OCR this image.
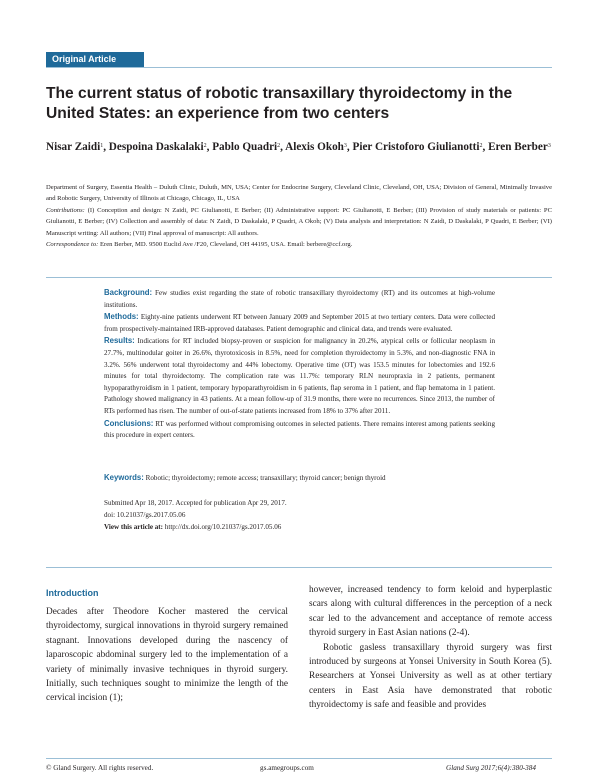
Original Article
The current status of robotic transaxillary thyroidectomy in the United States: an experience from two centers
Nisar Zaidi$^1$, Despoina Daskalaki$^2$, Pablo Quadri$^2$, Alexis Okoh$^3$, Pier Cristoforo Giulianotti$^2$, Eren Berber$^3$

Department of Surgery, Essentia Health – Duluth Clinic, Duluth, MN, USA; Center for Endocrine Surgery, Cleveland Clinic, Cleveland, OH, USA; Division of General, Minimally Invasive and Robotic Surgery, University of Illinois at Chicago, Chicago, IL, USA

Contributions: (I) Conception and design: N Zaidi, PC Giulianotti, E Berber; (II) Administrative support: PC Giulianotti, E Berber; (III) Provision of study materials or patients: PC Giulianotti, E Berber; (IV) Collection and assembly of data: N Zaidi, D Daskalaki, P Quadri, A Okoh; (V) Data analysis and interpretation: N Zaidi, D Daskalaki, P Quadri, E Berber; (VI) Manuscript writing: All authors; (VII) Final approval of manuscript: All authors.

Correspondence to: Eren Berber, MD. 9500 Euclid Ave /F20, Cleveland, OH 44195, USA. Email: berbere@ccf.org.

Background: Few studies exist regarding the state of robotic transaxillary thyroidectomy (RT) and its outcomes at high-volume institutions.

Methods: Eighty-nine patients underwent RT between January 2009 and September 2015 at two tertiary centers. Data were collected from prospectively-maintained IRB-approved databases. Patient demographic and clinical data, and trends were evaluated.

Results: Indications for RT included biopsy-proven or suspicion for malignancy in 20.2%, atypical cells or follicular neoplasm in 27.7%, multinodular goiter in 26.6%, thyrotoxicosis in 8.5%, need for completion thyroidectomy in 5.3%, and non-diagnostic FNA in 3.2%. 56% underwent total thyroidectomy and 44% lobectomy. Operative time (OT) was 153.5 minutes for lobectomies and 192.6 minutes for total thyroidectomy. The complication rate was 11.7%: temporary RLN neuropraxia in 2 patients, permanent hypoparathyroidism in 1 patient, temporary hypoparathyroidism in 6 patients, flap seroma in 1 patient, and flap hematoma in 1 patient. Pathology showed malignancy in 43 patients. At a mean follow-up of 31.9 months, there were no recurrences. Since 2013, the number of RTs performed has risen. The number of out-of-state patients increased from 18% to 37% after 2011.

Conclusions: RT was performed without compromising outcomes in selected patients. There remains interest among patients seeking this procedure in expert centers.

Keywords: Robotic; thyroidectomy; remote access; transaxillary; thyroid cancer; benign thyroid

Submitted Apr 18, 2017. Accepted for publication Apr 29, 2017.

doi: 10.21037/gs.2017.05.06

View this article at: http://dx.doi.org/10.21037/gs.2017.05.06

Introduction

Decades after Theodore Kocher mastered the cervical thyroidectomy, surgical innovations in thyroid surgery remained stagnant. Innovations developed during the nascency of laparoscopic abdominal surgery led to the implementation of a variety of minimally invasive techniques in thyroid surgery. Initially, such techniques sought to minimize the length of the cervical incision (1);

however, increased tendency to form keloid and hyperplastic scars along with cultural differences in the perception of a neck scar led to the advancement and acceptance of remote access thyroid surgery in East Asian nations (2-4).

Robotic gasless transaxillary thyroid surgery was first introduced by surgeons at Yonsei University in South Korea (5). Researchers at Yonsei University as well as at other tertiary centers in East Asia have demonstrated that robotic thyroidectomy is safe and feasible and provides

© Gland Surgery. All rights reserved.	gs.amegroups.com	Gland Surg 2017;6(4):380-384
